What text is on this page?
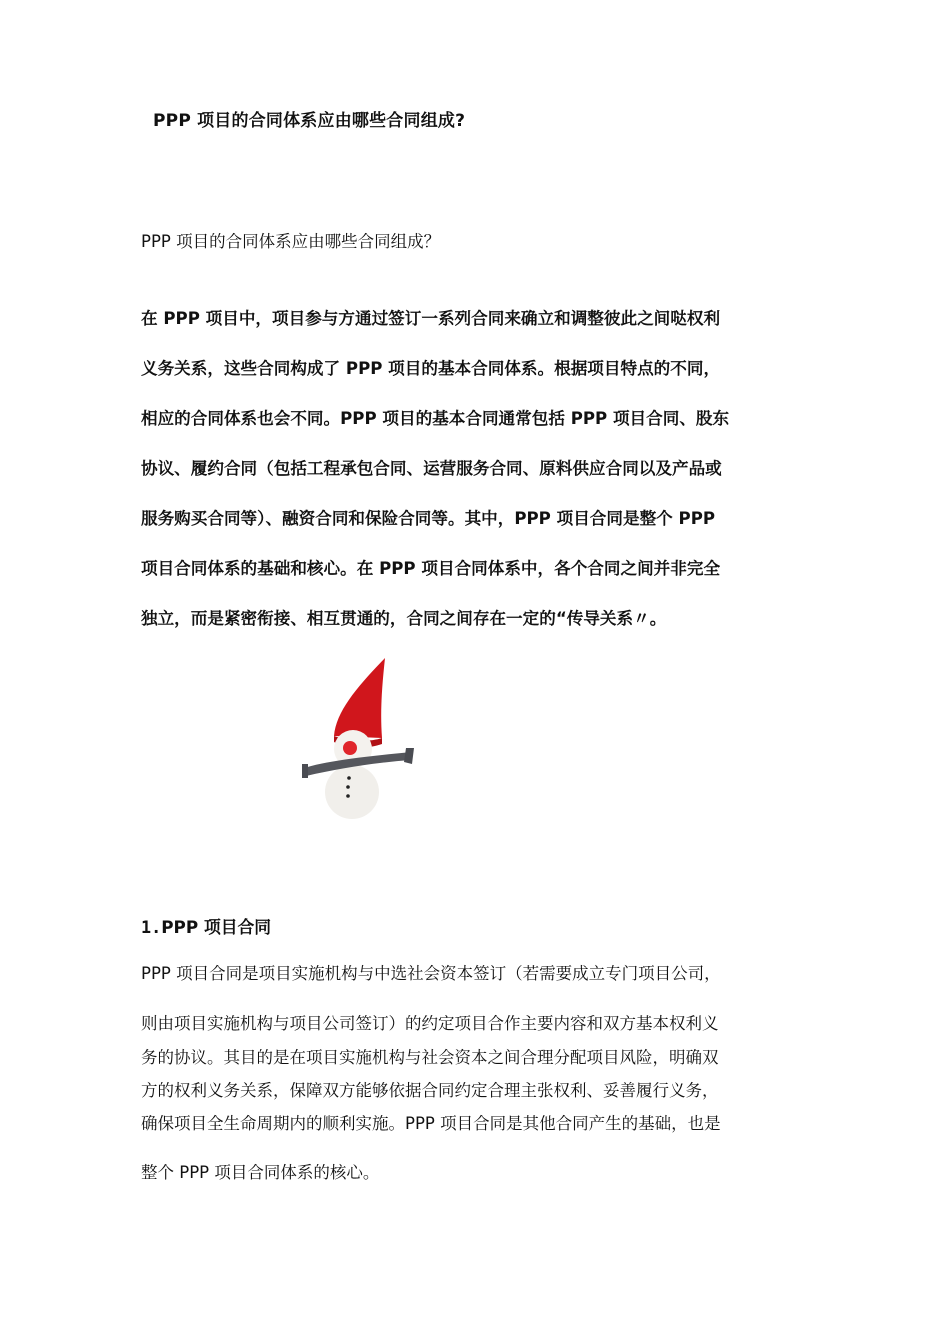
PPP 项目的合同体系应由哪些合同组成?
PPP 项目的合同体系应由哪些合同组成？
在 PPP 项目中，项目参与方通过签订一系列合同来确立和调整彼此之间哒权利
义务关系，这些合同构成了 PPP 项目的基本合同体系。根据项目特点的不同，
相应的合同体系也会不同。PPP 项目的基本合同通常包括 PPP 项目合同、股东
协议、履约合同（包括工程承包合同、运营服务合同、原料供应合同以及产品或
服务购买合同等）、融资合同和保险合同等。其中，PPP 项目合同是整个 PPP
项目合同体系的基础和核心。在 PPP 项目合同体系中，各个合同之间并非完全
独立，而是紧密衔接、相互贯通的，合同之间存在一定的“传导关系〃。
1.PPP 项目合同
PPP 项目合同是项目实施机构与中选社会资本签订（若需要成立专门项目公司，
则由项目实施机构与项目公司签订）的约定项目合作主要内容和双方基本权利义
务的协议。其目的是在项目实施机构与社会资本之间合理分配项目风险，明确双
方的权利义务关系，保障双方能够依据合同约定合理主张权利、妥善履行义务，
确保项目全生命周期内的顺利实施。PPP 项目合同是其他合同产生的基础，也是
整个 PPP 项目合同体系的核心。
